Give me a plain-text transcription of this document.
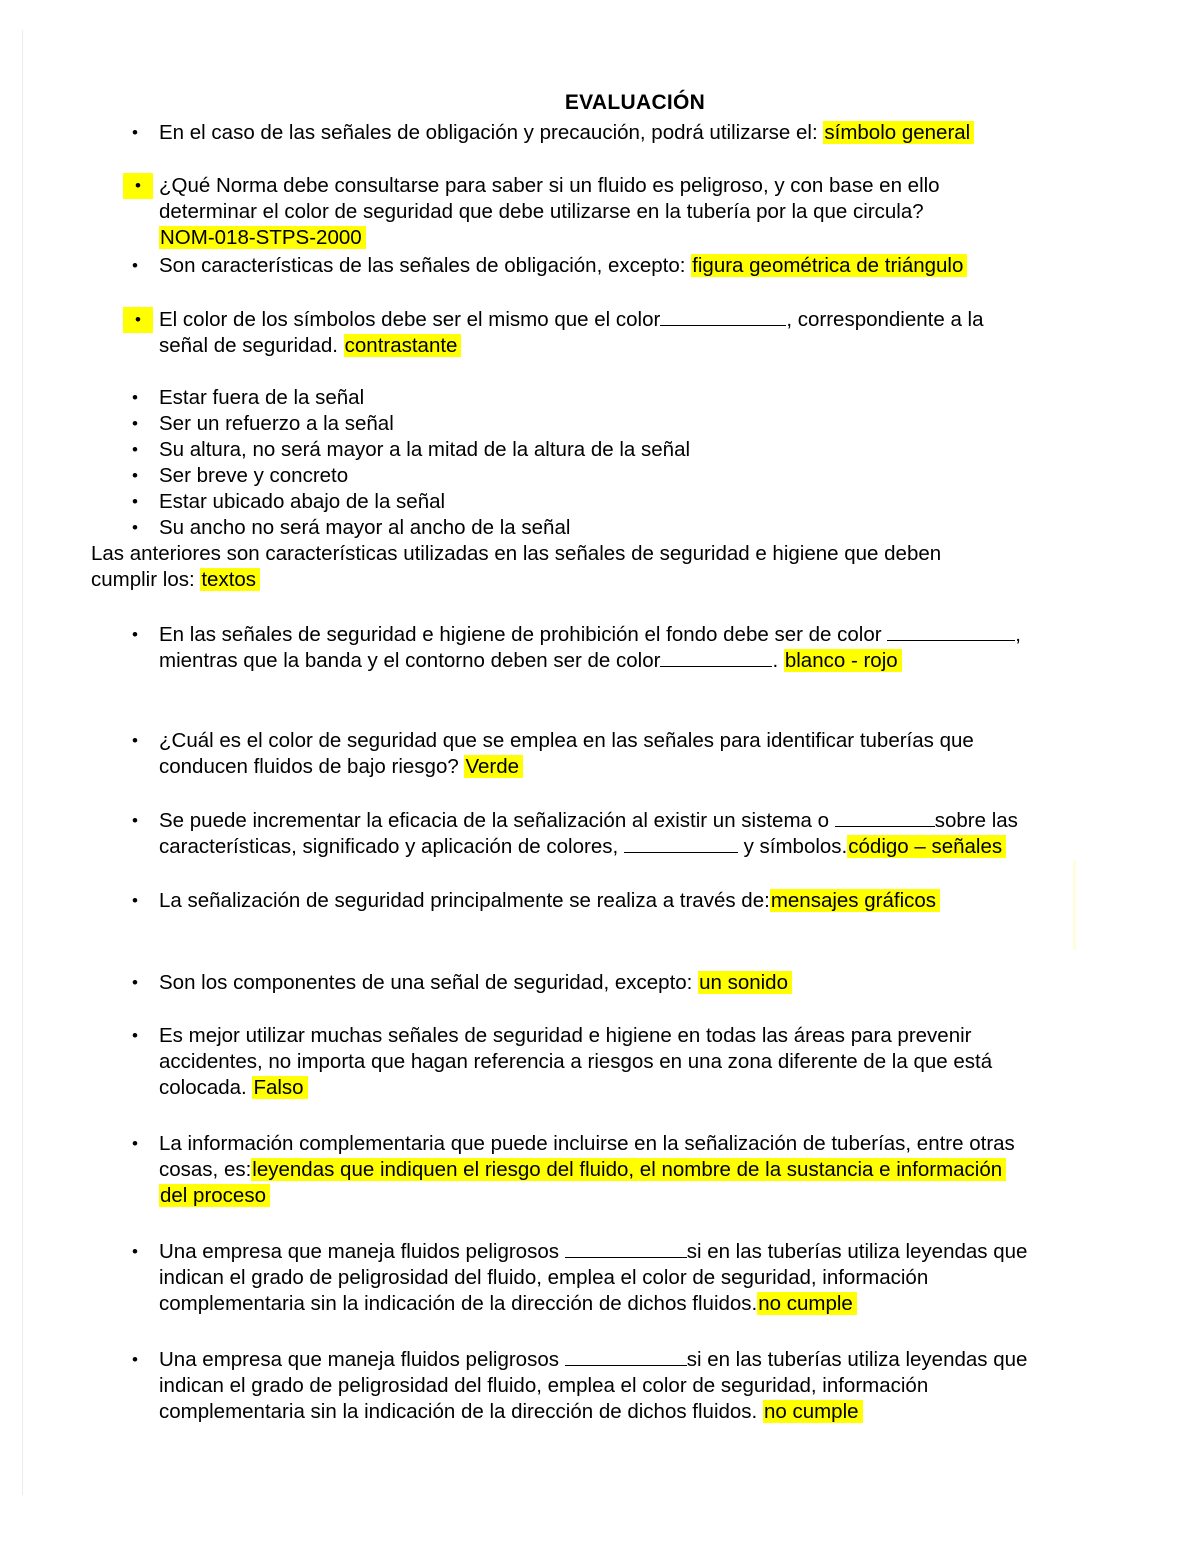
EVALUACIÓN
•	En el caso de las señales de obligación y precaución, podrá utilizarse el: símbolo general
• ¿Qué Norma debe consultarse para saber si un fluido es peligroso, y con base en ello
determinar el color de seguridad que debe utilizarse en la tubería por la que circula?
NOM-018-STPS-2000
•	Son características de las señales de obligación, excepto: figura geométrica de triángulo
• El color de los símbolos debe ser el mismo que el color	, correspondiente a la
señal de seguridad. contrastante
•	Estar fuera de la señal
•	Ser un refuerzo a la señal
•	Su altura, no será mayor a la mitad de la altura de la señal
•	Ser breve y concreto
•	Estar ubicado abajo de la señal
•	Su ancho no será mayor al ancho de la señal
Las anteriores son características utilizadas en las señales de seguridad e higiene que deben
cumplir los: textos
•	En las señales de seguridad e higiene de prohibición el fondo debe ser de color	,
mientras que la banda y el contorno deben ser de color	. blanco - rojo
•	¿Cuál es el color de seguridad que se emplea en las señales para identificar tuberías que
conducen fluidos de bajo riesgo? Verde
•	Se puede incrementar la eficacia de la señalización al existir un sistema o	sobre las
características, significado y aplicación de colores,	y símbolos.código – señales
•	La señalización de seguridad principalmente se realiza a través de:mensajes gráficos
•	Son los componentes de una señal de seguridad, excepto: un sonido
•	Es mejor utilizar muchas señales de seguridad e higiene en todas las áreas para prevenir
accidentes, no importa que hagan referencia a riesgos en una zona diferente de la que está
colocada. Falso
•	La información complementaria que puede incluirse en la señalización de tuberías, entre otras
cosas, es:leyendas que indiquen el riesgo del fluido, el nombre de la sustancia e información
del proceso
•	Una empresa que maneja fluidos peligrosos	si en las tuberías utiliza leyendas que
indican el grado de peligrosidad del fluido, emplea el color de seguridad, información
complementaria sin la indicación de la dirección de dichos fluidos.no cumple
•	Una empresa que maneja fluidos peligrosos	si en las tuberías utiliza leyendas que
indican el grado de peligrosidad del fluido, emplea el color de seguridad, información
complementaria sin la indicación de la dirección de dichos fluidos. no cumple
